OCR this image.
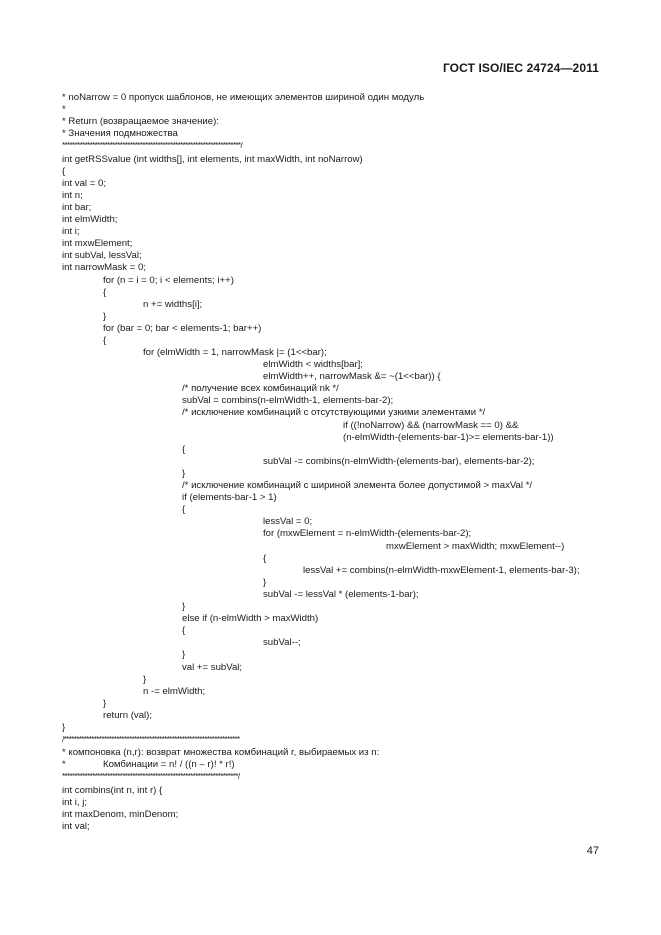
ГОСТ ISO/IEC 24724—2011
* noNarrow = 0 пропуск шаблонов, не имеющих элементов шириной один модуль
*
* Return (возвращаемое значение):
* Значения подмножества
***********************************************************************/
int getRSSvalue (int widths[], int elements, int maxWidth, int noNarrow)
{
int val = 0;
int n;
int bar;
int elmWidth;
int i;
int mxwElement;
int subVal, lessVal;
int narrowMask = 0;
for (n = i = 0; i < elements; i++)
{
n += widths[i];
}
for (bar = 0; bar < elements-1; bar++)
{
for (elmWidth = 1, narrowMask |= (1<<bar);
elmWidth < widths[bar];
elmWidth++, narrowMask &= ~(1<<bar)) {
/* получение всех комбинаций nk */
subVal = combins(n-elmWidth-1, elements-bar-2);
/* исключение комбинаций с отсутствующими узкими элементами */
if ((!noNarrow) && (narrowMask == 0) &&
(n-elmWidth-(elements-bar-1)>= elements-bar-1))
{
subVal -= combins(n-elmWidth-(elements-bar), elements-bar-2);
}
/* исключение комбинаций с шириной элемента более допустимой > maxVal */
if (elements-bar-1 > 1)
{
lessVal = 0;
for (mxwElement = n-elmWidth-(elements-bar-2);
mxwElement > maxWidth; mxwElement--)
{
lessVal += combins(n-elmWidth-mxwElement-1, elements-bar-3);
}
subVal -= lessVal * (elements-1-bar);
}
else if (n-elmWidth > maxWidth)
{
subVal--;
}
val += subVal;
}
n -= elmWidth;
}
return (val);
}
/**********************************************************************
* компоновка (n,r): возврат множества комбинаций r, выбираемых из n:
*	Комбинации = n! / ((n – r)! * r!)
**********************************************************************/
int combins(int n, int r) {
int i, j;
int maxDenom, minDenom;
int val;
47
